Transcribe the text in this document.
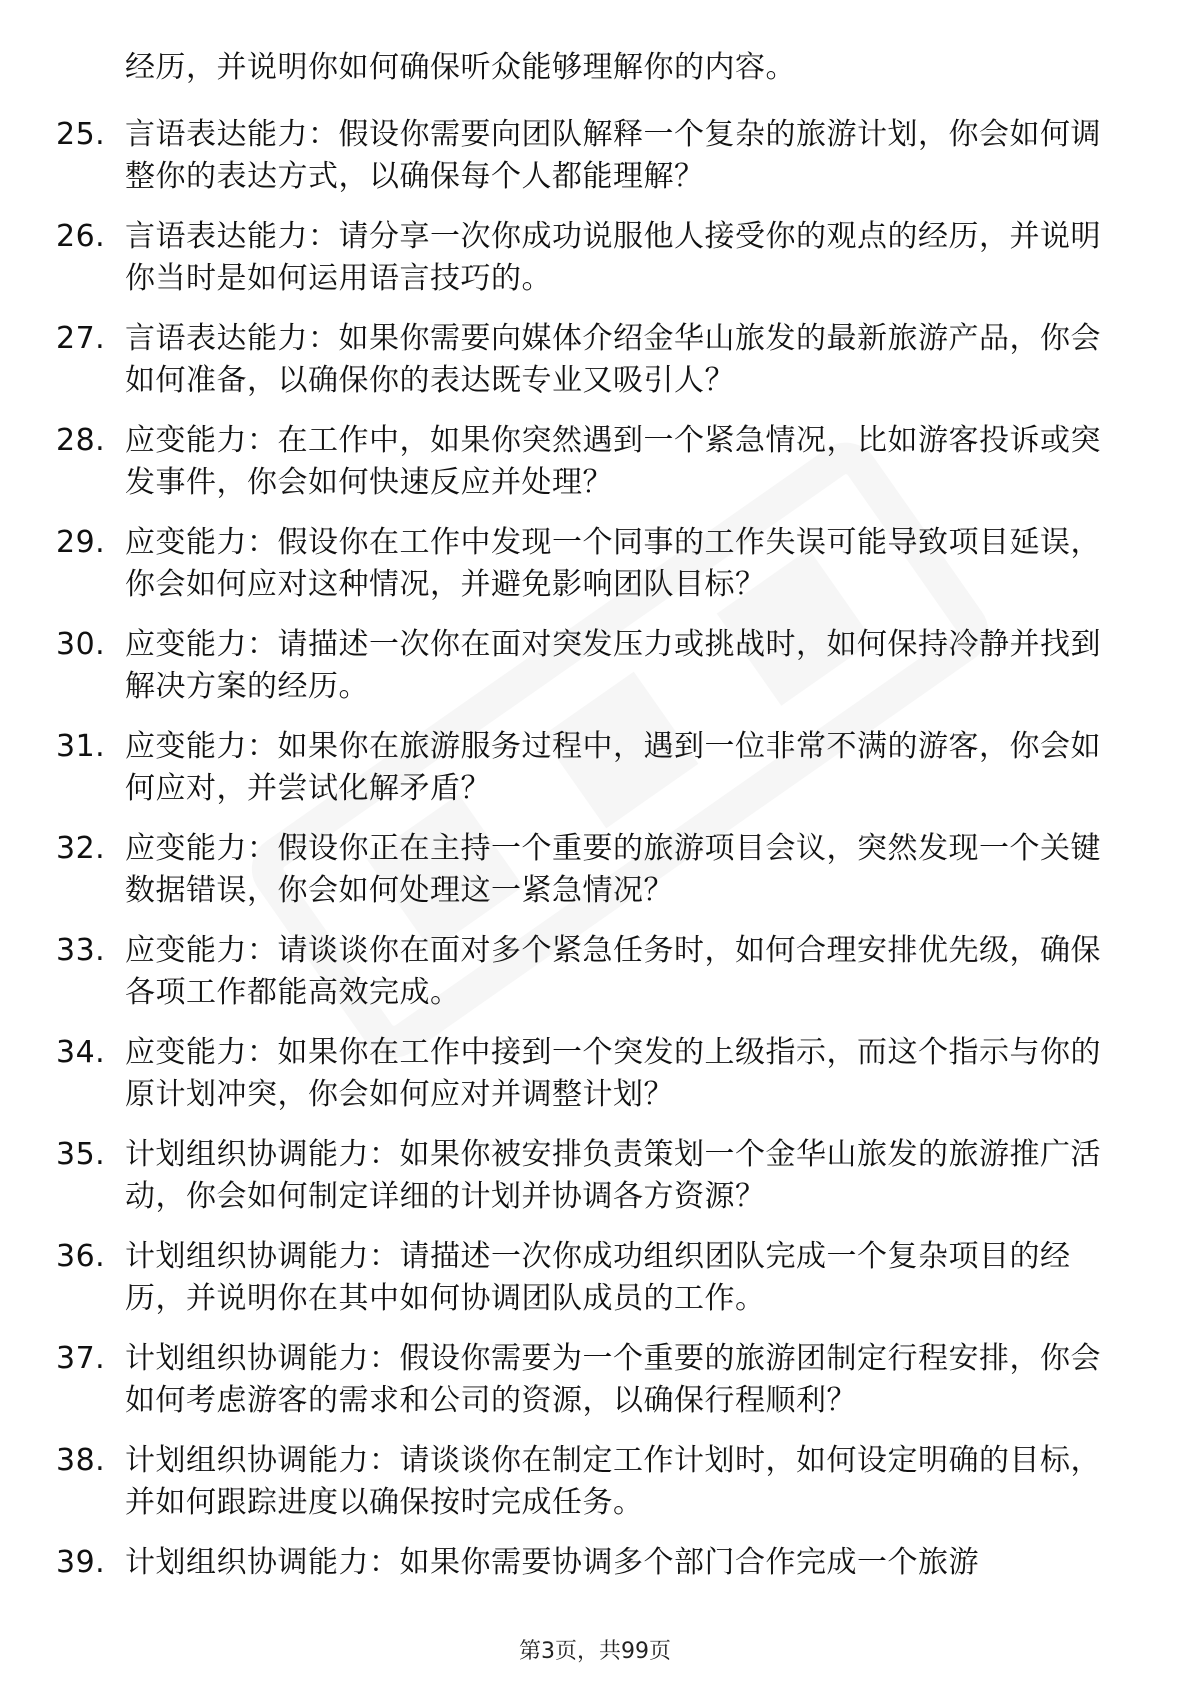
经历，并说明你如何确保听众能够理解你的内容。
25. 言语表达能力：假设你需要向团队解释一个复杂的旅游计划，你会如何调整你的表达方式，以确保每个人都能理解？
26. 言语表达能力：请分享一次你成功说服他人接受你的观点的经历，并说明你当时是如何运用语言技巧的。
27. 言语表达能力：如果你需要向媒体介绍金华山旅发的最新旅游产品，你会如何准备，以确保你的表达既专业又吸引人？
28. 应变能力：在工作中，如果你突然遇到一个紧急情况，比如游客投诉或突发事件，你会如何快速反应并处理？
29. 应变能力：假设你在工作中发现一个同事的工作失误可能导致项目延误，你会如何应对这种情况，并避免影响团队目标？
30. 应变能力：请描述一次你在面对突发压力或挑战时，如何保持冷静并找到解决方案的经历。
31. 应变能力：如果你在旅游服务过程中，遇到一位非常不满的游客，你会如何应对，并尝试化解矛盾？
32. 应变能力：假设你正在主持一个重要的旅游项目会议，突然发现一个关键数据错误，你会如何处理这一紧急情况？
33. 应变能力：请谈谈你在面对多个紧急任务时，如何合理安排优先级，确保各项工作都能高效完成。
34. 应变能力：如果你在工作中接到一个突发的上级指示，而这个指示与你的原计划冲突，你会如何应对并调整计划？
35. 计划组织协调能力：如果你被安排负责策划一个金华山旅发的旅游推广活动，你会如何制定详细的计划并协调各方资源？
36. 计划组织协调能力：请描述一次你成功组织团队完成一个复杂项目的经历，并说明你在其中如何协调团队成员的工作。
37. 计划组织协调能力：假设你需要为一个重要的旅游团制定行程安排，你会如何考虑游客的需求和公司的资源，以确保行程顺利？
38. 计划组织协调能力：请谈谈你在制定工作计划时，如何设定明确的目标，并如何跟踪进度以确保按时完成任务。
39. 计划组织协调能力：如果你需要协调多个部门合作完成一个旅游
第3页，共99页
